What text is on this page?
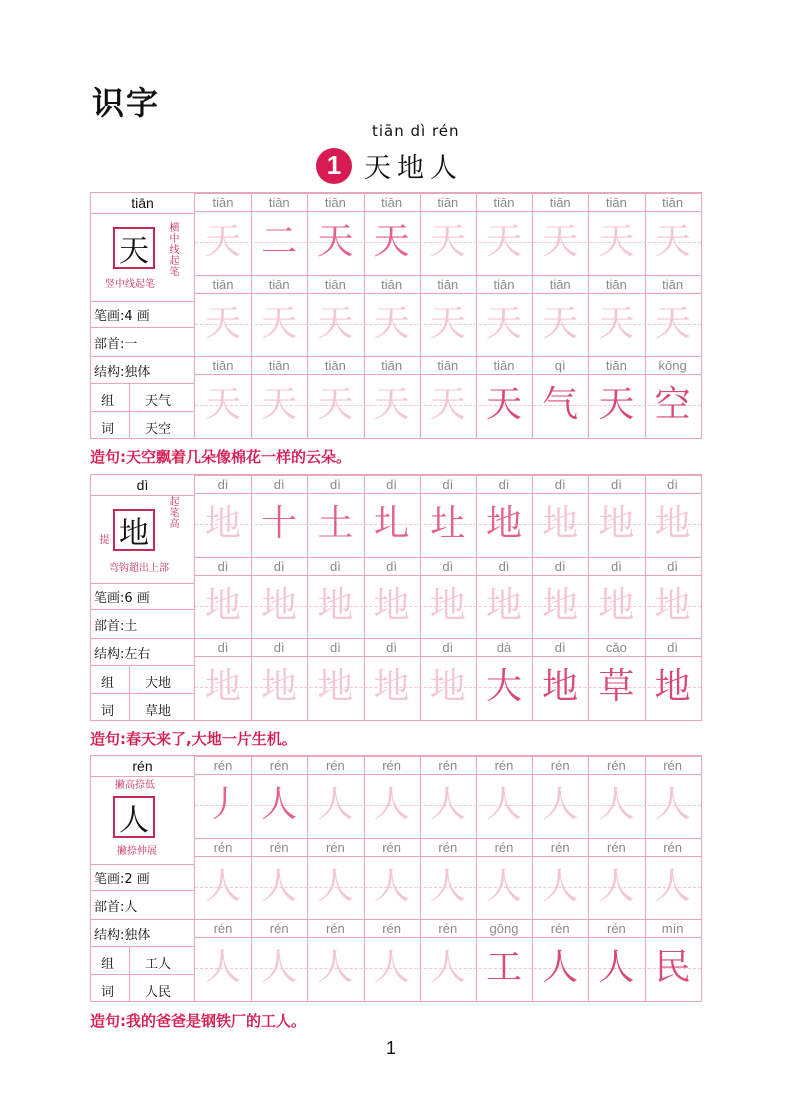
识字
tiān dì rén
1 天地人
tiān
天
横中线起笔
竖中线起笔
笔画:4 画
部首:一
结构:独体
组
词
天气
天空
tiān
天
tiān
二
tiān
天
tiān
天
tiān
天
tiān
天
tiān
天
tiān
天
tiān
天
tiān
天
tiān
天
tiān
天
tiān
天
tiān
天
tiān
天
tiān
天
tiān
天
tiān
天
tiān
天
tiān
天
tiān
天
tiān
天
tiān
天
tiān
天
qì
气
tiān
天
kōng
空
造句:天空飘着几朵像棉花一样的云朵。
dì
地
起笔高
提
弯钩超出上部
笔画:6 画
部首:土
结构:左右
组
词
大地
草地
dì
地
dì
十
dì
土
dì
圠
dì
圵
dì
地
dì
地
dì
地
dì
地
dì
地
dì
地
dì
地
dì
地
dì
地
dì
地
dì
地
dì
地
dì
地
dì
地
dì
地
dì
地
dì
地
dì
地
dà
大
dì
地
cǎo
草
dì
地
造句:春天来了,大地一片生机。
rén
人
撇高捺低
撇捺伸展
笔画:2 画
部首:人
结构:独体
组
词
工人
人民
rén
丿
rén
人
rén
人
rén
人
rén
人
rén
人
rén
人
rén
人
rén
人
rén
人
rén
人
rén
人
rén
人
rén
人
rén
人
rén
人
rén
人
rén
人
rén
人
rén
人
rén
人
rén
人
rén
人
gōng
工
rén
人
rén
人
mín
民
造句:我的爸爸是钢铁厂的工人。
1
